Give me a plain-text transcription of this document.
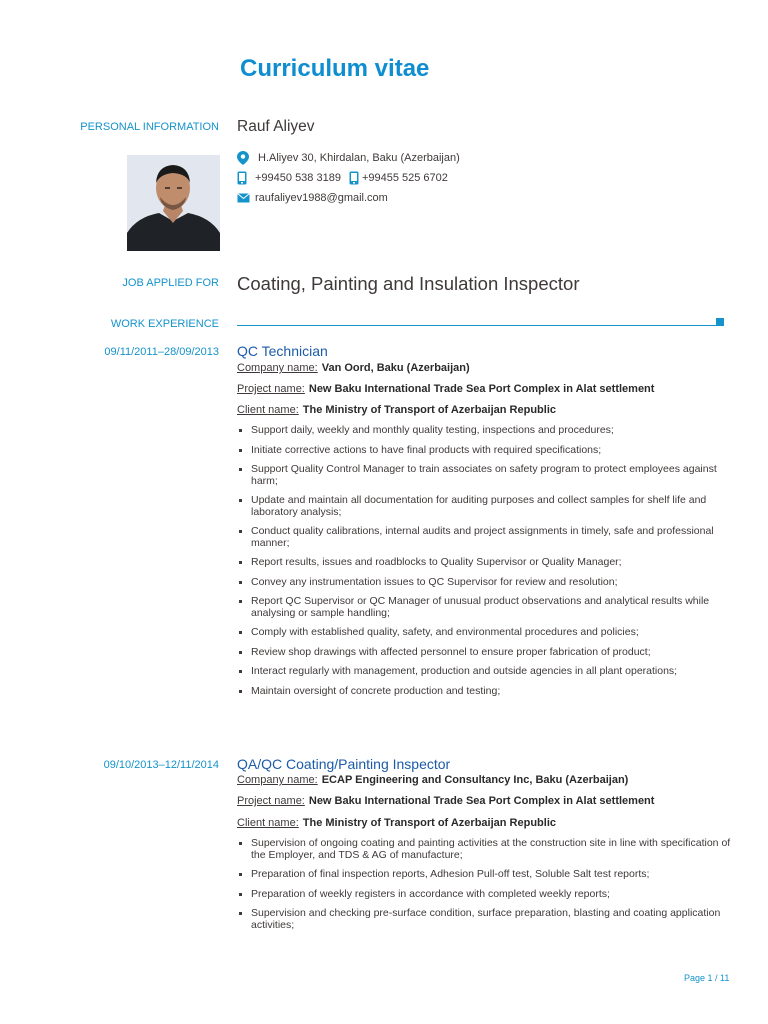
Curriculum vitae
PERSONAL INFORMATION Rauf Aliyev
H.Aliyev 30, Khirdalan, Baku (Azerbaijan)
+99450 538 3189 +99455 525 6702
raufaliyev1988@gmail.com
JOB APPLIED FOR Coating, Painting and Insulation Inspector
WORK EXPERIENCE
09/11/2011–28/09/2013 QC Technician
Company name: Van Oord, Baku (Azerbaijan)
Project name: New Baku International Trade Sea Port Complex in Alat settlement
Client name: The Ministry of Transport of Azerbaijan Republic
Support daily, weekly and monthly quality testing, inspections and procedures;
Initiate corrective actions to have final products with required specifications;
Support Quality Control Manager to train associates on safety program to protect employees against harm;
Update and maintain all documentation for auditing purposes and collect samples for shelf life and laboratory analysis;
Conduct quality calibrations, internal audits and project assignments in timely, safe and professional manner;
Report results, issues and roadblocks to Quality Supervisor or Quality Manager;
Convey any instrumentation issues to QC Supervisor for review and resolution;
Report QC Supervisor or QC Manager of unusual product observations and analytical results while analysing or sample handling;
Comply with established quality, safety, and environmental procedures and policies;
Review shop drawings with affected personnel to ensure proper fabrication of product;
Interact regularly with management, production and outside agencies in all plant operations;
Maintain oversight of concrete production and testing;
09/10/2013–12/11/2014 QA/QC Coating/Painting Inspector
Company name: ECAP Engineering and Consultancy Inc, Baku (Azerbaijan)
Project name: New Baku International Trade Sea Port Complex in Alat settlement
Client name: The Ministry of Transport of Azerbaijan Republic
Supervision of ongoing coating and painting activities at the construction site in line with specification of the Employer, and TDS & AG of manufacture;
Preparation of final inspection reports, Adhesion Pull-off test, Soluble Salt test reports;
Preparation of weekly registers in accordance with completed weekly reports;
Supervision and checking pre-surface condition, surface preparation, blasting and coating application activities;
Page 1 / 11
